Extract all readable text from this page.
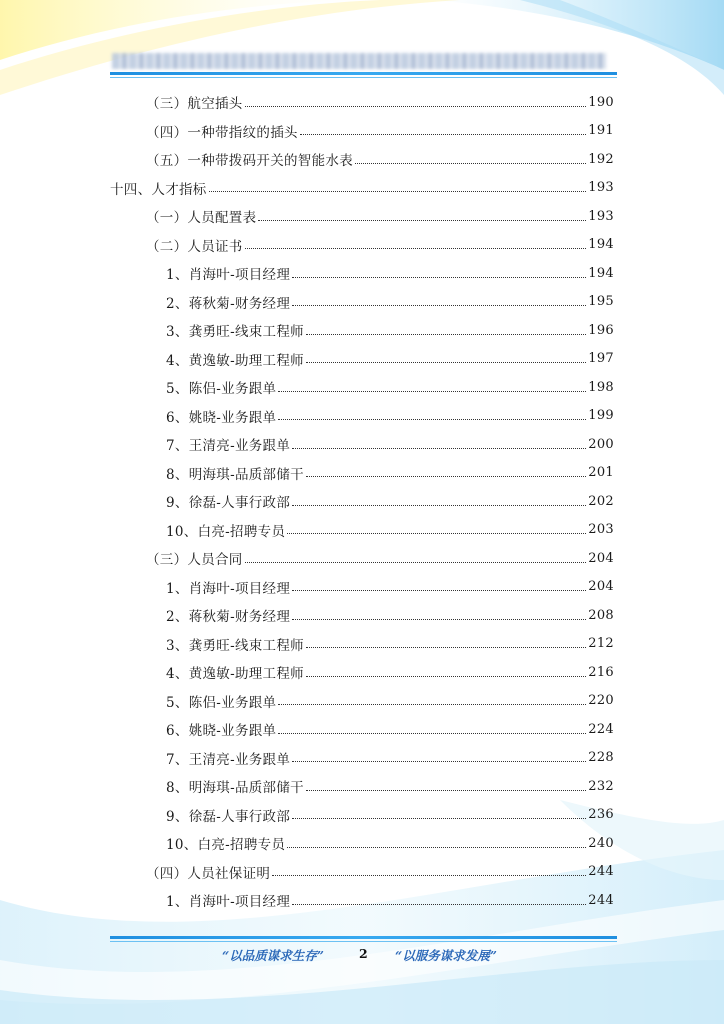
（三）航空插头	190
（四）一种带指纹的插头	191
（五）一种带拨码开关的智能水表	192
十四、人才指标	193
（一）人员配置表	193
（二）人员证书	194
1、肖海叶-项目经理	194
2、蒋秋菊-财务经理	195
3、龚勇旺-线束工程师	196
4、黄逸敏-助理工程师	197
5、陈侣-业务跟单	198
6、姚晓-业务跟单	199
7、王清亮-业务跟单	200
8、明海琪-品质部储干	201
9、徐磊-人事行政部	202
10、白亮-招聘专员	203
（三）人员合同	204
1、肖海叶-项目经理	204
2、蒋秋菊-财务经理	208
3、龚勇旺-线束工程师	212
4、黄逸敏-助理工程师	216
5、陈侣-业务跟单	220
6、姚晓-业务跟单	224
7、王清亮-业务跟单	228
8、明海琪-品质部储干	232
9、徐磊-人事行政部	236
10、白亮-招聘专员	240
（四）人员社保证明	244
1、肖海叶-项目经理	244
“以品质谋求生存”	2 “以服务谋求发展”
